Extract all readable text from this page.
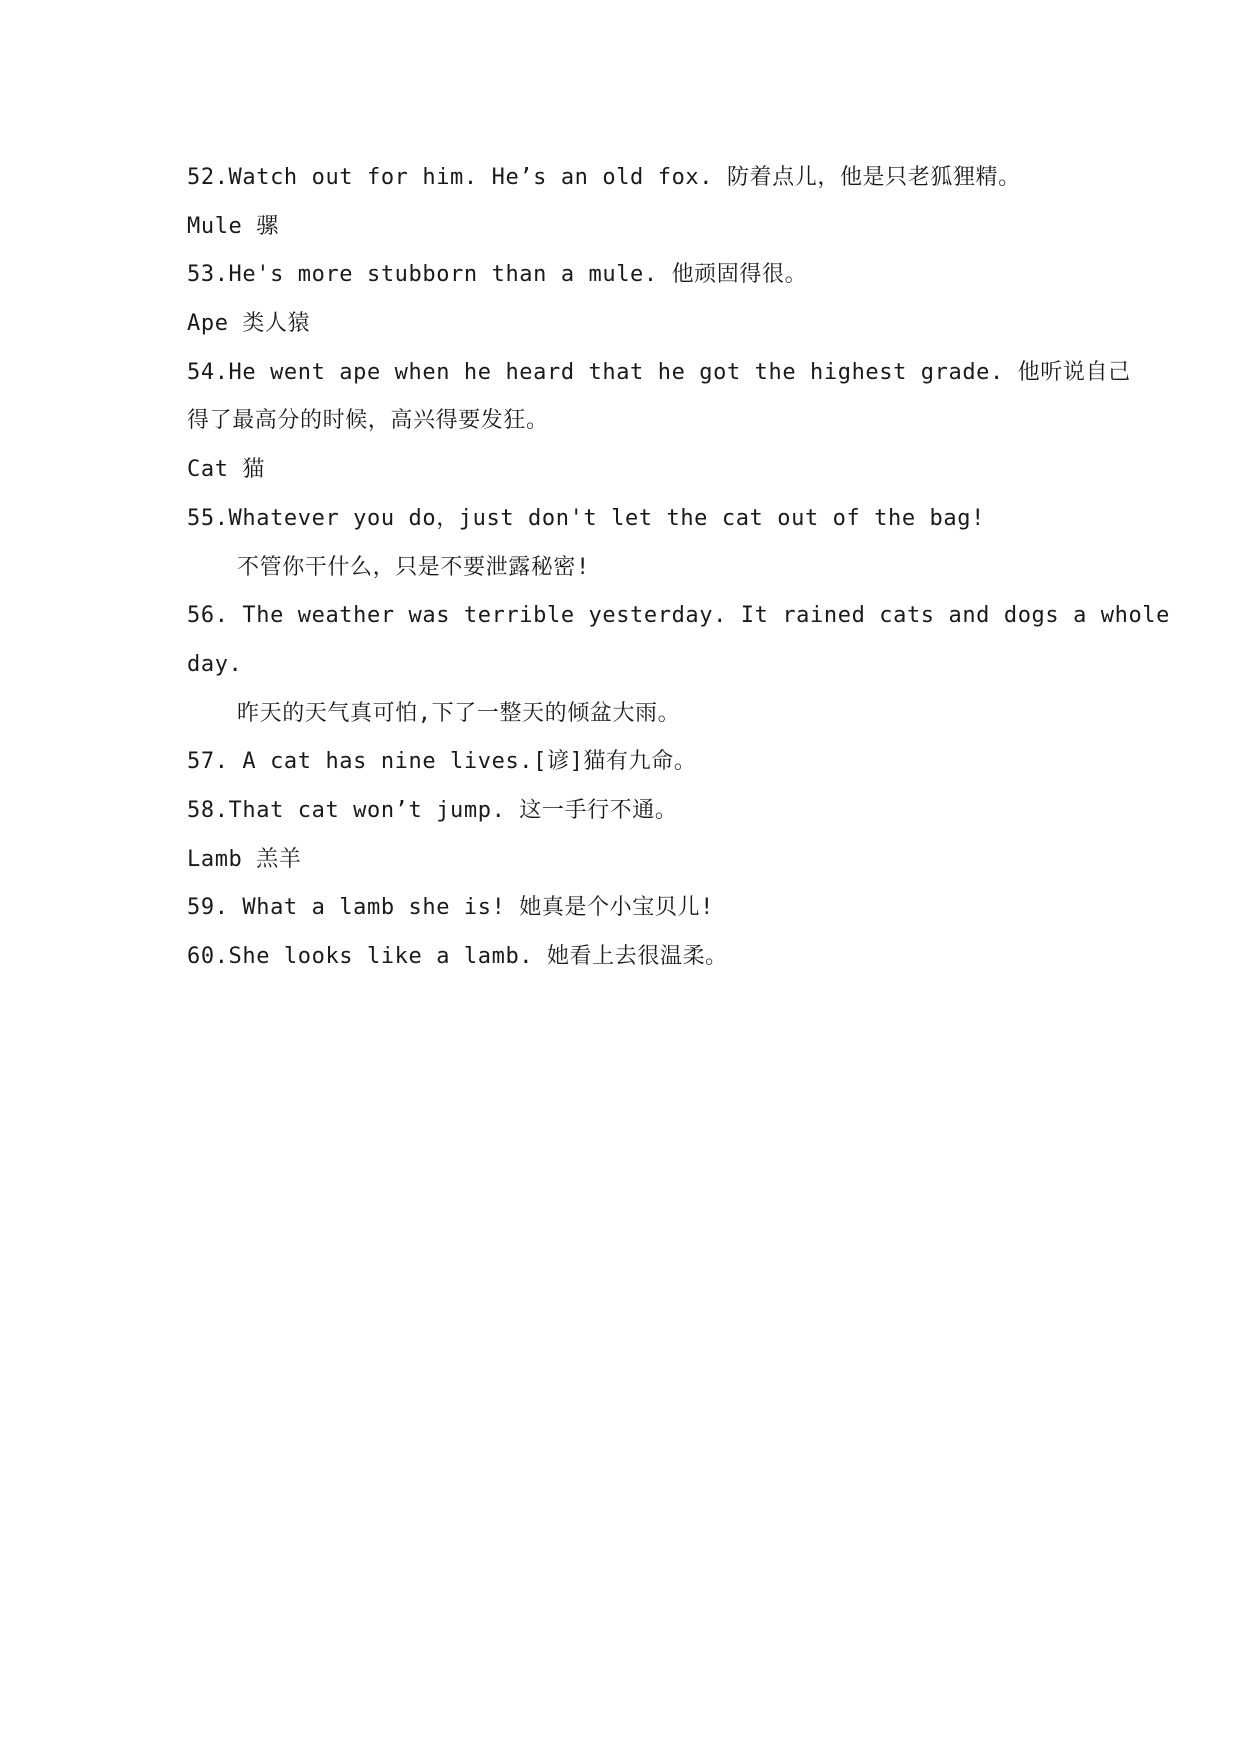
52.Watch out for him. He’s an old fox. 防着点儿，他是只老狐狸精。
Mule 骡
53.He's more stubborn than a mule. 他顽固得很。
Ape 类人猿
54.He went ape when he heard that he got the highest grade. 他听说自己
得了最高分的时候，高兴得要发狂。
Cat 猫
55.Whatever you do，just don't let the cat out of the bag!
不管你干什么，只是不要泄露秘密!
56. The weather was terrible yesterday. It rained cats and dogs a whole
day.
昨天的天气真可怕,下了一整天的倾盆大雨。
57. A cat has nine lives.[谚]猫有九命。
58.That cat won’t jump. 这一手行不通。
Lamb 羔羊
59. What a lamb she is! 她真是个小宝贝儿!
60.She looks like a lamb. 她看上去很温柔。
